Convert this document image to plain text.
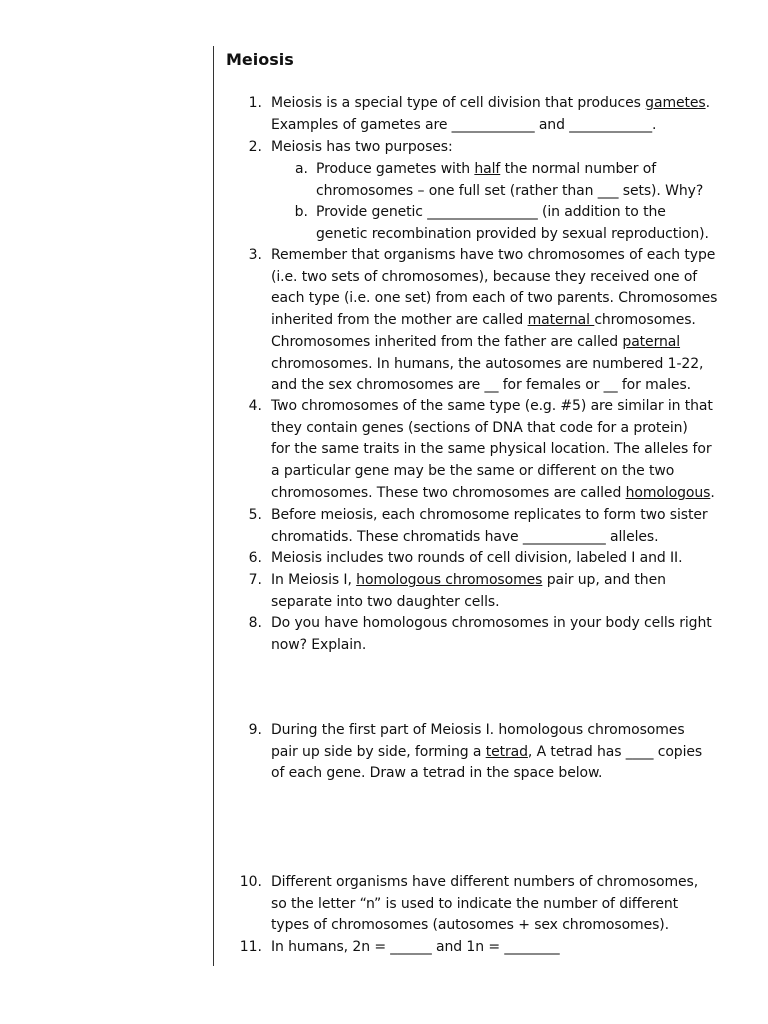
Meiosis
1. Meiosis is a special type of cell division that produces gametes.
Examples of gametes are ____________ and ____________.
2. Meiosis has two purposes:
a. Produce gametes with half the normal number of
chromosomes – one full set (rather than ___ sets). Why?
b. Provide genetic ________________ (in addition to the
genetic recombination provided by sexual reproduction).
3. Remember that organisms have two chromosomes of each type
(i.e. two sets of chromosomes), because they received one of
each type (i.e. one set) from each of two parents. Chromosomes
inherited from the mother are called maternal chromosomes.
Chromosomes inherited from the father are called paternal
chromosomes. In humans, the autosomes are numbered 1-22,
and the sex chromosomes are __ for females or __ for males.
4. Two chromosomes of the same type (e.g. #5) are similar in that
they contain genes (sections of DNA that code for a protein)
for the same traits in the same physical location. The alleles for
a particular gene may be the same or different on the two
chromosomes. These two chromosomes are called homologous.
5. Before meiosis, each chromosome replicates to form two sister
chromatids. These chromatids have ____________ alleles.
6. Meiosis includes two rounds of cell division, labeled I and II.
7. In Meiosis I, homologous chromosomes pair up, and then
separate into two daughter cells.
8. Do you have homologous chromosomes in your body cells right
now? Explain.
9. During the first part of Meiosis I. homologous chromosomes
pair up side by side, forming a tetrad, A tetrad has ____ copies
of each gene. Draw a tetrad in the space below.
10. Different organisms have different numbers of chromosomes,
so the letter “n” is used to indicate the number of different
types of chromosomes (autosomes + sex chromosomes).
11. In humans, 2n = ______ and 1n = ________
